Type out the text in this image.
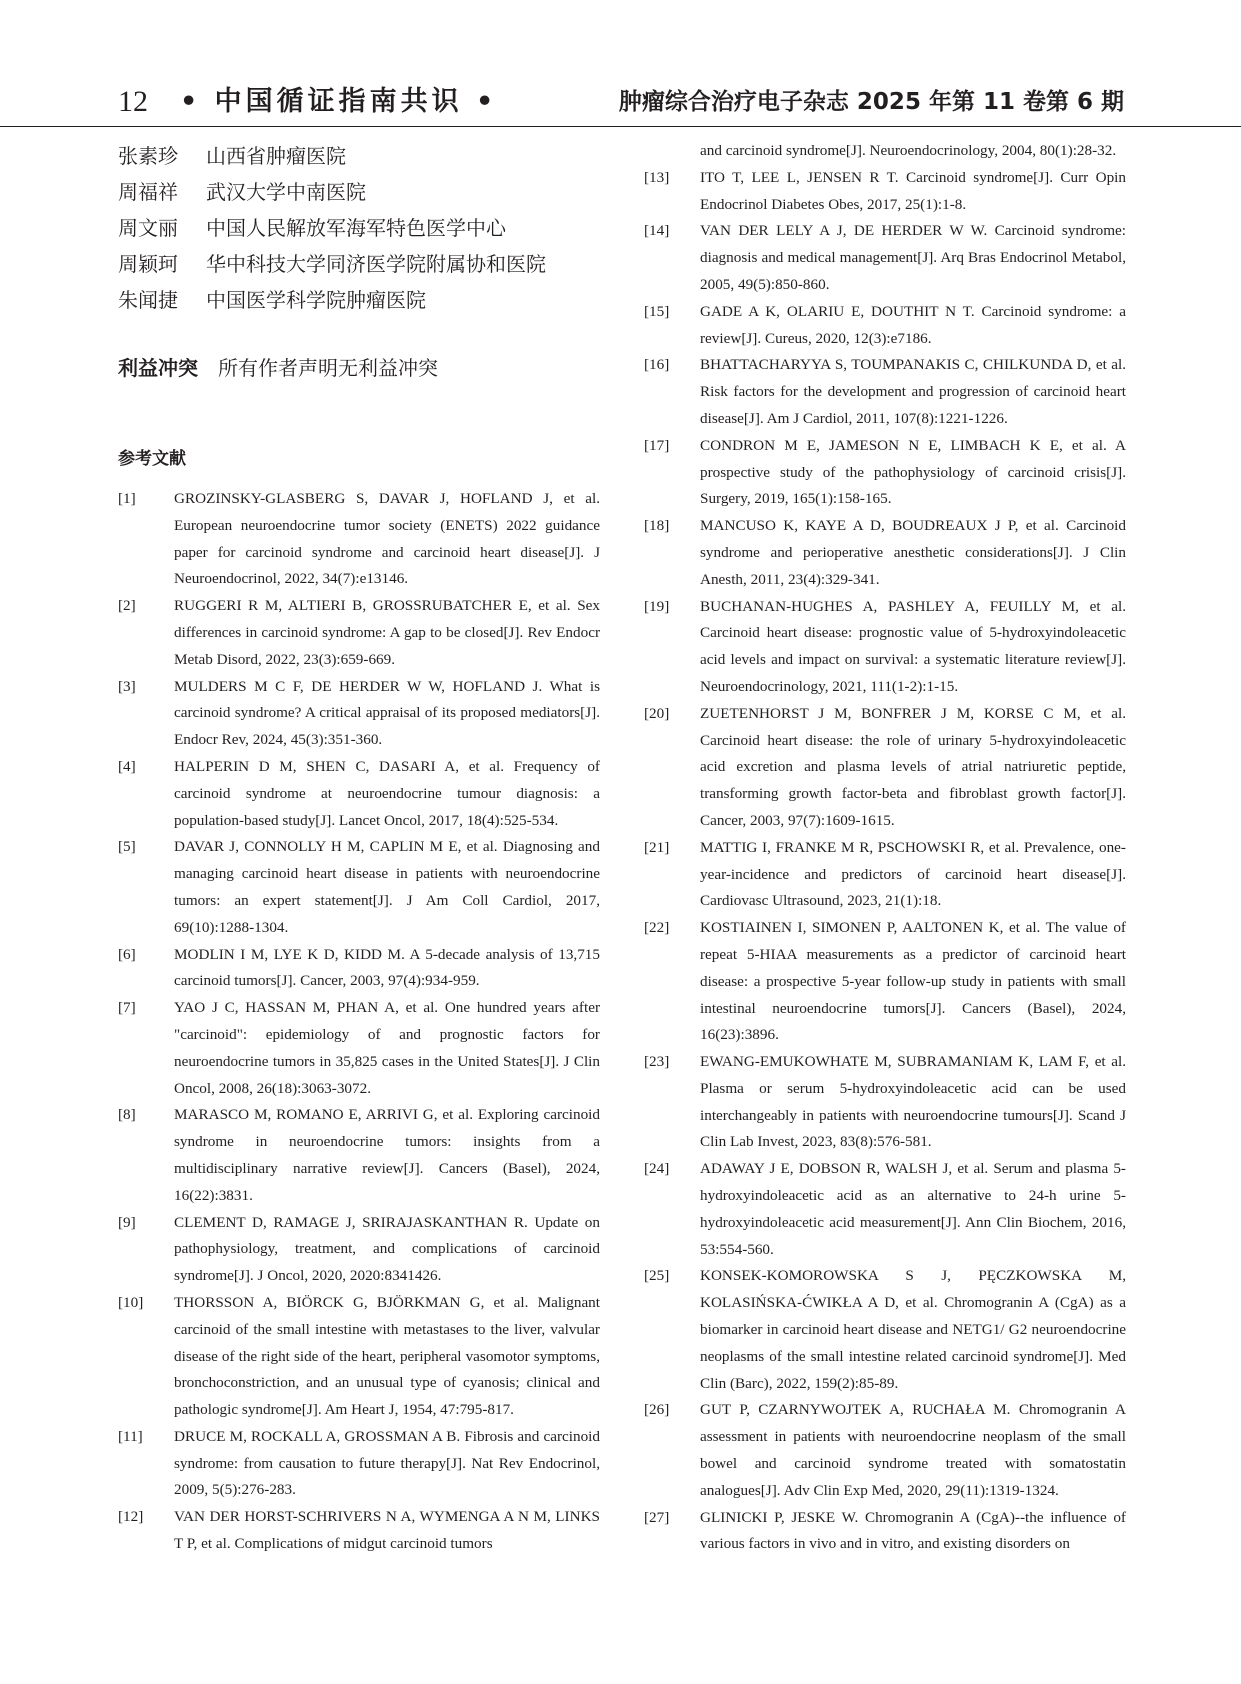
12 • 中国循证指南共识 •	肿瘤综合治疗电子杂志 2025 年第 11 卷第 6 期
张素珍	山西省肿瘤医院
周福祥	武汉大学中南医院
周文丽	中国人民解放军海军特色医学中心
周颖珂	华中科技大学同济医学院附属协和医院
朱闻捷	中国医学科学院肿瘤医院
利益冲突 所有作者声明无利益冲突
参考文献
[1]	GROZINSKY-GLASBERG S, DAVAR J, HOFLAND J, et al. European neuroendocrine tumor society (ENETS) 2022 guidance paper for carcinoid syndrome and carcinoid heart disease[J]. J Neuroendocrinol, 2022, 34(7):e13146.
[2]	RUGGERI R M, ALTIERI B, GROSSRUBATCHER E, et al. Sex differences in carcinoid syndrome: A gap to be closed[J]. Rev Endocr Metab Disord, 2022, 23(3):659-669.
[3]	MULDERS M C F, DE HERDER W W, HOFLAND J. What is carcinoid syndrome? A critical appraisal of its proposed mediators[J]. Endocr Rev, 2024, 45(3):351-360.
[4]	HALPERIN D M, SHEN C, DASARI A, et al. Frequency of carcinoid syndrome at neuroendocrine tumour diagnosis: a population-based study[J]. Lancet Oncol, 2017, 18(4):525-534.
[5]	DAVAR J, CONNOLLY H M, CAPLIN M E, et al. Diagnosing and managing carcinoid heart disease in patients with neuroendocrine tumors: an expert statement[J]. J Am Coll Cardiol, 2017, 69(10):1288-1304.
[6]	MODLIN I M, LYE K D, KIDD M. A 5-decade analysis of 13,715 carcinoid tumors[J]. Cancer, 2003, 97(4):934-959.
[7]	YAO J C, HASSAN M, PHAN A, et al. One hundred years after "carcinoid": epidemiology of and prognostic factors for neuroendocrine tumors in 35,825 cases in the United States[J]. J Clin Oncol, 2008, 26(18):3063-3072.
[8]	MARASCO M, ROMANO E, ARRIVI G, et al. Exploring carcinoid syndrome in neuroendocrine tumors: insights from a multidisciplinary narrative review[J]. Cancers (Basel), 2024, 16(22):3831.
[9]	CLEMENT D, RAMAGE J, SRIRAJASKANTHAN R. Update on pathophysiology, treatment, and complications of carcinoid syndrome[J]. J Oncol, 2020, 2020:8341426.
[10]	THORSSON A, BIÖRCK G, BJÖRKMAN G, et al. Malignant carcinoid of the small intestine with metastases to the liver, valvular disease of the right side of the heart, peripheral vasomotor symptoms, bronchoconstriction, and an unusual type of cyanosis; clinical and pathologic syndrome[J]. Am Heart J, 1954, 47:795-817.
[11]	DRUCE M, ROCKALL A, GROSSMAN A B. Fibrosis and carcinoid syndrome: from causation to future therapy[J]. Nat Rev Endocrinol, 2009, 5(5):276-283.
[12]	VAN DER HORST-SCHRIVERS N A, WYMENGA A N M, LINKS T P, et al. Complications of midgut carcinoid tumors
and carcinoid syndrome[J]. Neuroendocrinology, 2004, 80(1):28-32.
[13]	ITO T, LEE L, JENSEN R T. Carcinoid syndrome[J]. Curr Opin Endocrinol Diabetes Obes, 2017, 25(1):1-8.
[14]	VAN DER LELY A J, DE HERDER W W. Carcinoid syndrome: diagnosis and medical management[J]. Arq Bras Endocrinol Metabol, 2005, 49(5):850-860.
[15]	GADE A K, OLARIU E, DOUTHIT N T. Carcinoid syndrome: a review[J]. Cureus, 2020, 12(3):e7186.
[16]	BHATTACHARYYA S, TOUMPANAKIS C, CHILKUNDA D, et al. Risk factors for the development and progression of carcinoid heart disease[J]. Am J Cardiol, 2011, 107(8):1221-1226.
[17]	CONDRON M E, JAMESON N E, LIMBACH K E, et al. A prospective study of the pathophysiology of carcinoid crisis[J]. Surgery, 2019, 165(1):158-165.
[18]	MANCUSO K, KAYE A D, BOUDREAUX J P, et al. Carcinoid syndrome and perioperative anesthetic considerations[J]. J Clin Anesth, 2011, 23(4):329-341.
[19]	BUCHANAN-HUGHES A, PASHLEY A, FEUILLY M, et al. Carcinoid heart disease: prognostic value of 5-hydroxyindoleacetic acid levels and impact on survival: a systematic literature review[J]. Neuroendocrinology, 2021, 111(1-2):1-15.
[20]	ZUETENHORST J M, BONFRER J M, KORSE C M, et al. Carcinoid heart disease: the role of urinary 5-hydroxyindoleacetic acid excretion and plasma levels of atrial natriuretic peptide, transforming growth factor-beta and fibroblast growth factor[J]. Cancer, 2003, 97(7):1609-1615.
[21]	MATTIG I, FRANKE M R, PSCHOWSKI R, et al. Prevalence, one-year-incidence and predictors of carcinoid heart disease[J]. Cardiovasc Ultrasound, 2023, 21(1):18.
[22]	KOSTIAINEN I, SIMONEN P, AALTONEN K, et al. The value of repeat 5-HIAA measurements as a predictor of carcinoid heart disease: a prospective 5-year follow-up study in patients with small intestinal neuroendocrine tumors[J]. Cancers (Basel), 2024, 16(23):3896.
[23]	EWANG-EMUKOWHATE M, SUBRAMANIAM K, LAM F, et al. Plasma or serum 5-hydroxyindoleacetic acid can be used interchangeably in patients with neuroendocrine tumours[J]. Scand J Clin Lab Invest, 2023, 83(8):576-581.
[24]	ADAWAY J E, DOBSON R, WALSH J, et al. Serum and plasma 5-hydroxyindoleacetic acid as an alternative to 24-h urine 5-hydroxyindoleacetic acid measurement[J]. Ann Clin Biochem, 2016, 53:554-560.
[25]	KONSEK-KOMOROWSKA S J, PĘCZKOWSKA M, KOLASIŃSKA-ĆWIKŁA A D, et al. Chromogranin A (CgA) as a biomarker in carcinoid heart disease and NETG1/ G2 neuroendocrine neoplasms of the small intestine related carcinoid syndrome[J]. Med Clin (Barc), 2022, 159(2):85-89.
[26]	GUT P, CZARNYWOJTEK A, RUCHAŁA M. Chromogranin A assessment in patients with neuroendocrine neoplasm of the small bowel and carcinoid syndrome treated with somatostatin analogues[J]. Adv Clin Exp Med, 2020, 29(11):1319-1324.
[27]	GLINICKI P, JESKE W. Chromogranin A (CgA)--the influence of various factors in vivo and in vitro, and existing disorders on
